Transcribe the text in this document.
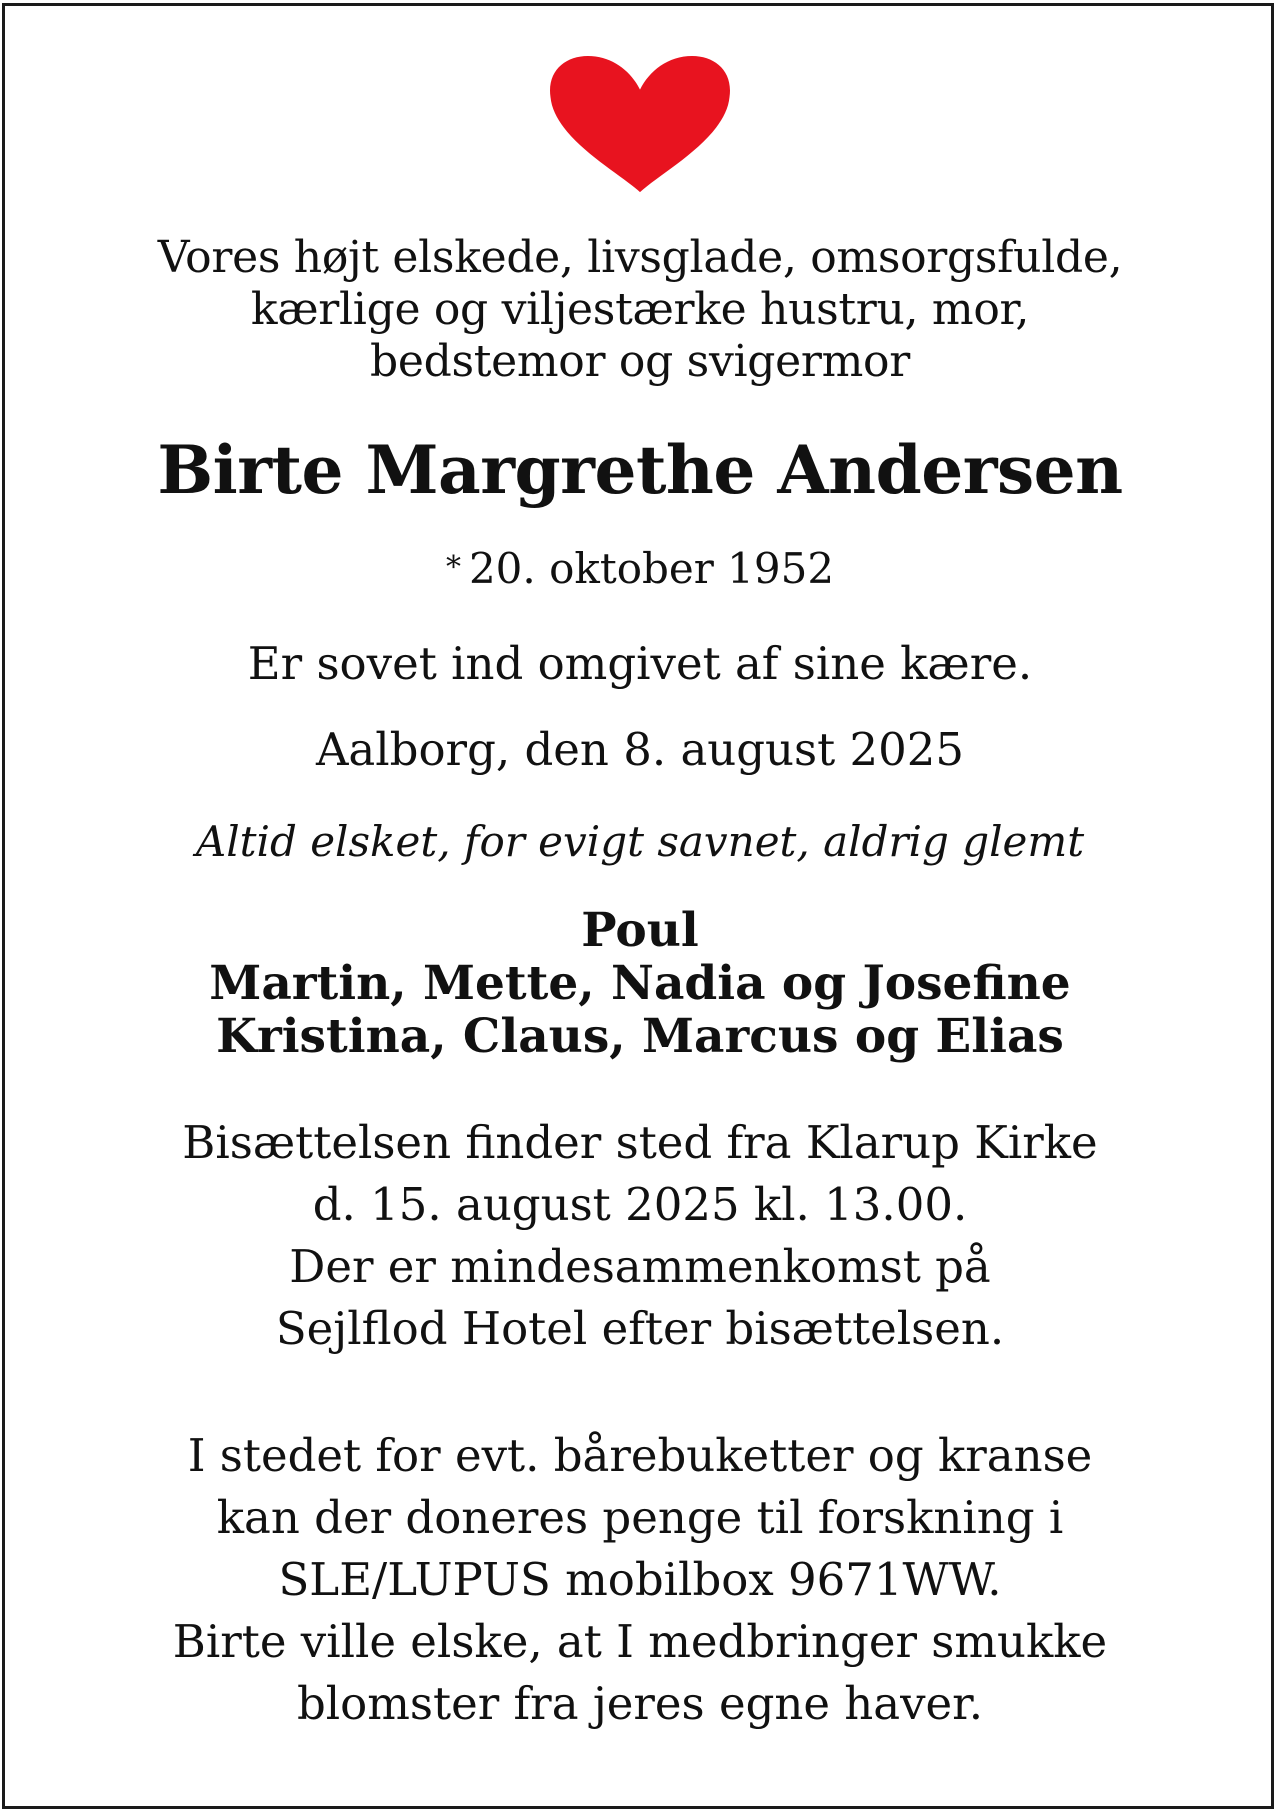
Vores højt elskede, livsglade, omsorgsfulde,
kærlige og viljestærke hustru, mor,
bedstemor og svigermor
Birte Margrethe Andersen
* 20. oktober 1952
Er sovet ind omgivet af sine kære.
Aalborg, den 8. august 2025
Altid elsket, for evigt savnet, aldrig glemt
Poul
Martin, Mette, Nadia og Josefine
Kristina, Claus, Marcus og Elias
Bisættelsen finder sted fra Klarup Kirke
d. 15. august 2025 kl. 13.00.
Der er mindesammenkomst på
Sejlflod Hotel efter bisættelsen.
I stedet for evt. bårebuketter og kranse
kan der doneres penge til forskning i
SLE/LUPUS mobilbox 9671WW.
Birte ville elske, at I medbringer smukke
blomster fra jeres egne haver.
